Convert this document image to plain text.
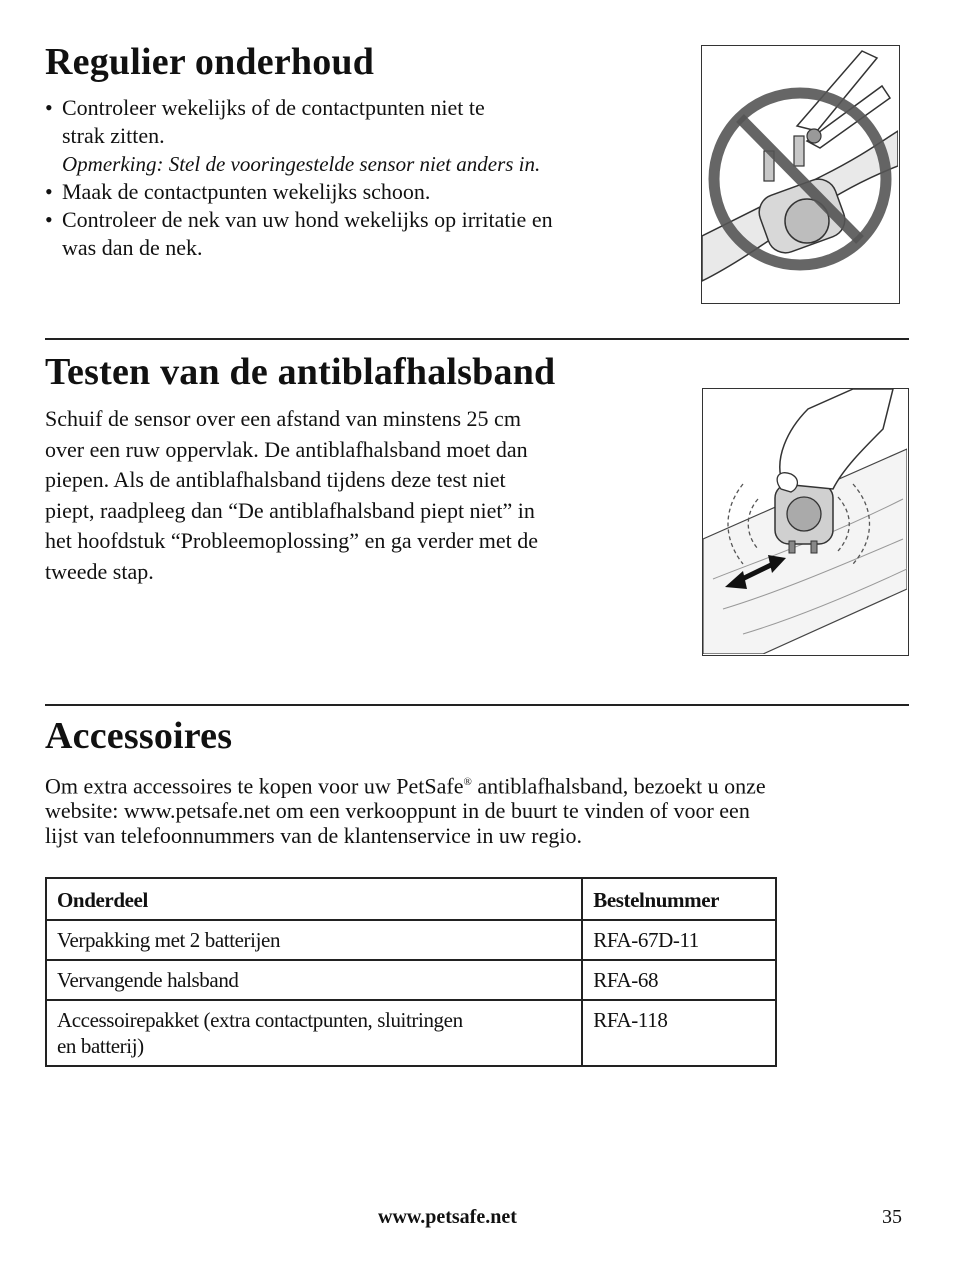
Regulier onderhoud
• Controleer wekelijks of de contactpunten niet te
strak zitten.
Opmerking: Stel de vooringestelde sensor niet anders in.
• Maak de contactpunten wekelijks schoon.
• Controleer de nek van uw hond wekelijks op irritatie en
was dan de nek.
Testen van de antiblafhalsband

Schuif de sensor over een afstand van minstens 25 cm

over een ruw oppervlak. De antiblafhalsband moet dan

piepen. Als de antiblafhalsband tijdens deze test niet

piept, raadpleeg dan “De antiblafhalsband piept niet” in

het hoofdstuk “Probleemoplossing” en ga verder met de

tweede stap.

Accessoires

Om extra accessoires te kopen voor uw PetSafe® antiblafhalsband, bezoekt u onze

website: www.petsafe.net om een verkooppunt in de buurt te vinden of voor een

lijst van telefoonnummers van de klantenservice in uw regio.

Onderdeel	Bestelnummer
Verpakking met 2 batterijen	RFA-67D-11
Vervangende halsband	RFA-68
Accessoirepakket (extra contactpunten, sluitringen
en batterij)	RFA-118
www.petsafe.net	35
